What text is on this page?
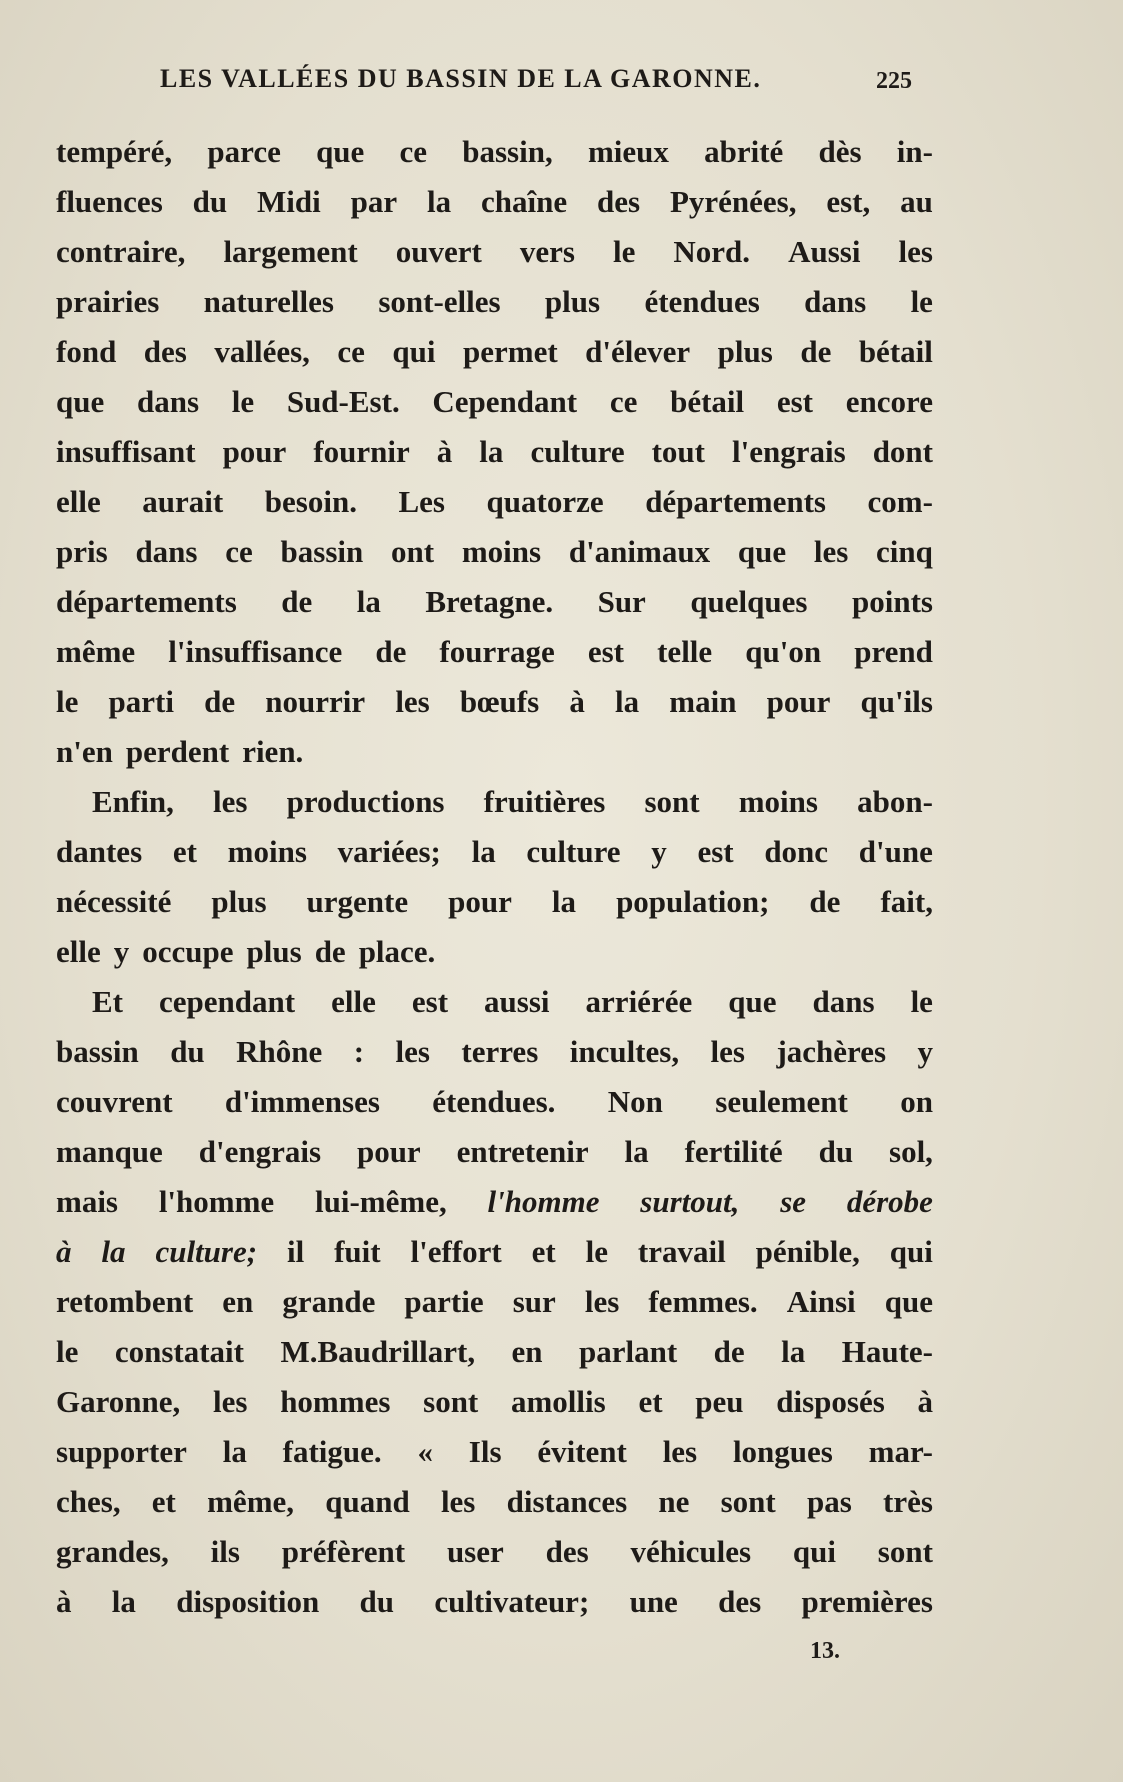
LES VALLÉES DU BASSIN DE LA GARONNE.	225
tempéré, parce que ce bassin, mieux abrité dès in-
fluences du Midi par la chaîne des Pyrénées, est, au
contraire, largement ouvert vers le Nord. Aussi les
prairies naturelles sont-elles plus étendues dans le
fond des vallées, ce qui permet d'élever plus de bétail
que dans le Sud-Est. Cependant ce bétail est encore
insuffisant pour fournir à la culture tout l'engrais dont
elle aurait besoin. Les quatorze départements com-
pris dans ce bassin ont moins d'animaux que les cinq
départements de la Bretagne. Sur quelques points
même l'insuffisance de fourrage est telle qu'on prend
le parti de nourrir les bœufs à la main pour qu'ils
n'en perdent rien.
Enfin, les productions fruitières sont moins abon-
dantes et moins variées; la culture y est donc d'une
nécessité plus urgente pour la population; de fait,
elle y occupe plus de place.
Et cependant elle est aussi arriérée que dans le
bassin du Rhône : les terres incultes, les jachères y
couvrent d'immenses étendues. Non seulement on
manque d'engrais pour entretenir la fertilité du sol,
mais l'homme lui-même, l'homme surtout, se dérobe
à la culture; il fuit l'effort et le travail pénible, qui
retombent en grande partie sur les femmes. Ainsi que
le constatait M.Baudrillart, en parlant de la Haute-
Garonne, les hommes sont amollis et peu disposés à
supporter la fatigue. « Ils évitent les longues mar-
ches, et même, quand les distances ne sont pas très
grandes, ils préfèrent user des véhicules qui sont
à la disposition du cultivateur; une des premières
13.
